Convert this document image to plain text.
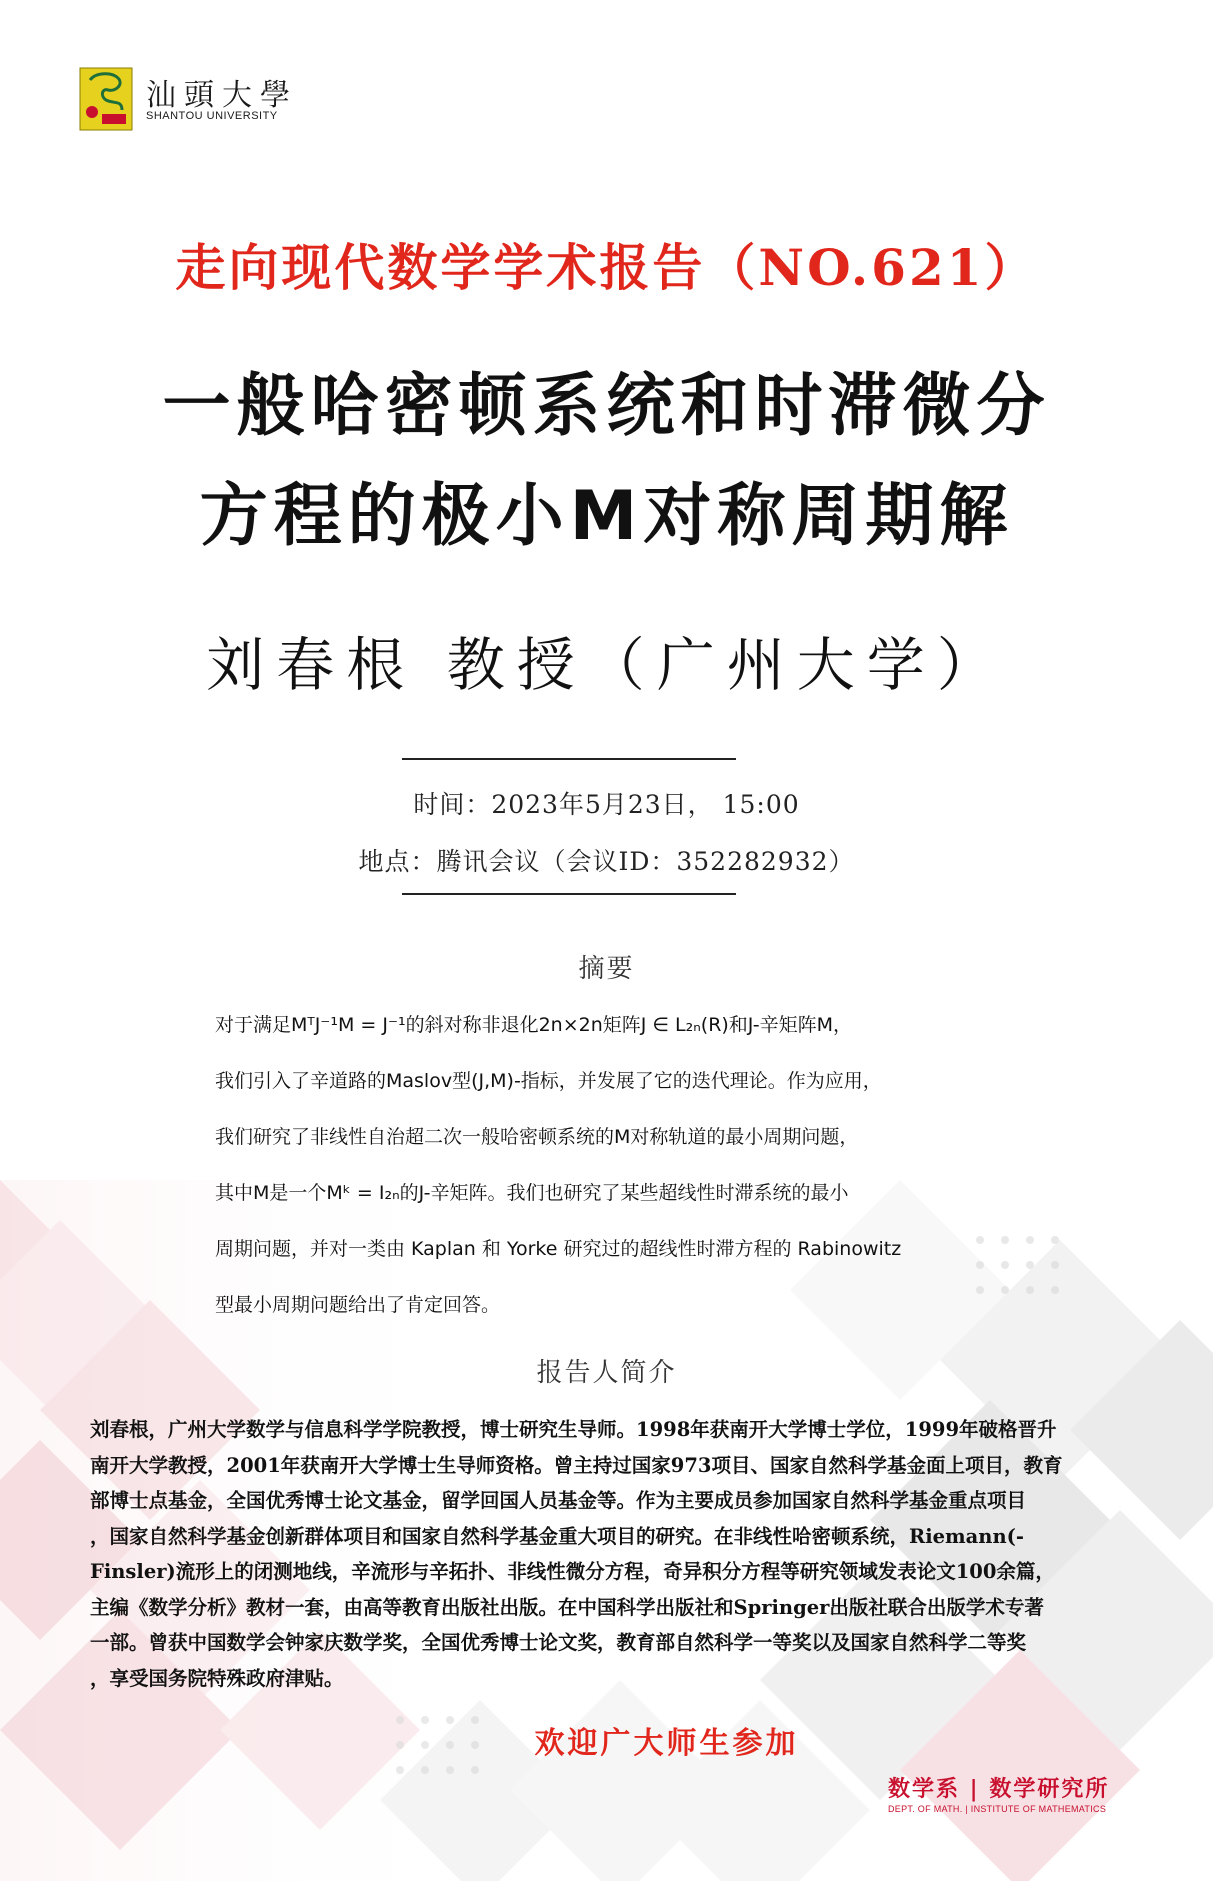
汕頭大學
SHANTOU UNIVERSITY
走向现代数学学术报告（NO.621）
一般哈密顿系统和时滞微分
方程的极小M对称周期解
刘春根 教授（广州大学）
时间：2023年5月23日， 15:00
地点：腾讯会议（会议ID：352282932）
摘要
对于满足MᵀJ⁻¹M = J⁻¹的斜对称非退化2n×2n矩阵J ∈ L₂ₙ(R)和J-辛矩阵M，
我们引入了辛道路的Maslov型(J,M)-指标，并发展了它的迭代理论。作为应用，
我们研究了非线性自治超二次一般哈密顿系统的M对称轨道的最小周期问题，
其中M是一个Mᵏ = I₂ₙ的J-辛矩阵。我们也研究了某些超线性时滞系统的最小
周期问题，并对一类由 Kaplan 和 Yorke 研究过的超线性时滞方程的 Rabinowitz
型最小周期问题给出了肯定回答。
报告人简介
刘春根，广州大学数学与信息科学学院教授，博士研究生导师。1998年获南开大学博士学位，1999年破格晋升
南开大学教授，2001年获南开大学博士生导师资格。曾主持过国家973项目、国家自然科学基金面上项目，教育
部博士点基金，全国优秀博士论文基金，留学回国人员基金等。作为主要成员参加国家自然科学基金重点项目
，国家自然科学基金创新群体项目和国家自然科学基金重大项目的研究。在非线性哈密顿系统，Riemann(-
Finsler)流形上的闭测地线，辛流形与辛拓扑、非线性微分方程，奇异积分方程等研究领域发表论文100余篇，
主编《数学分析》教材一套，由高等教育出版社出版。在中国科学出版社和Springer出版社联合出版学术专著
一部。曾获中国数学会钟家庆数学奖，全国优秀博士论文奖，教育部自然科学一等奖以及国家自然科学二等奖
，享受国务院特殊政府津贴。
欢迎广大师生参加
数学系 | 数学研究所
DEPT. OF MATH. | INSTITUTE OF MATHEMATICS
